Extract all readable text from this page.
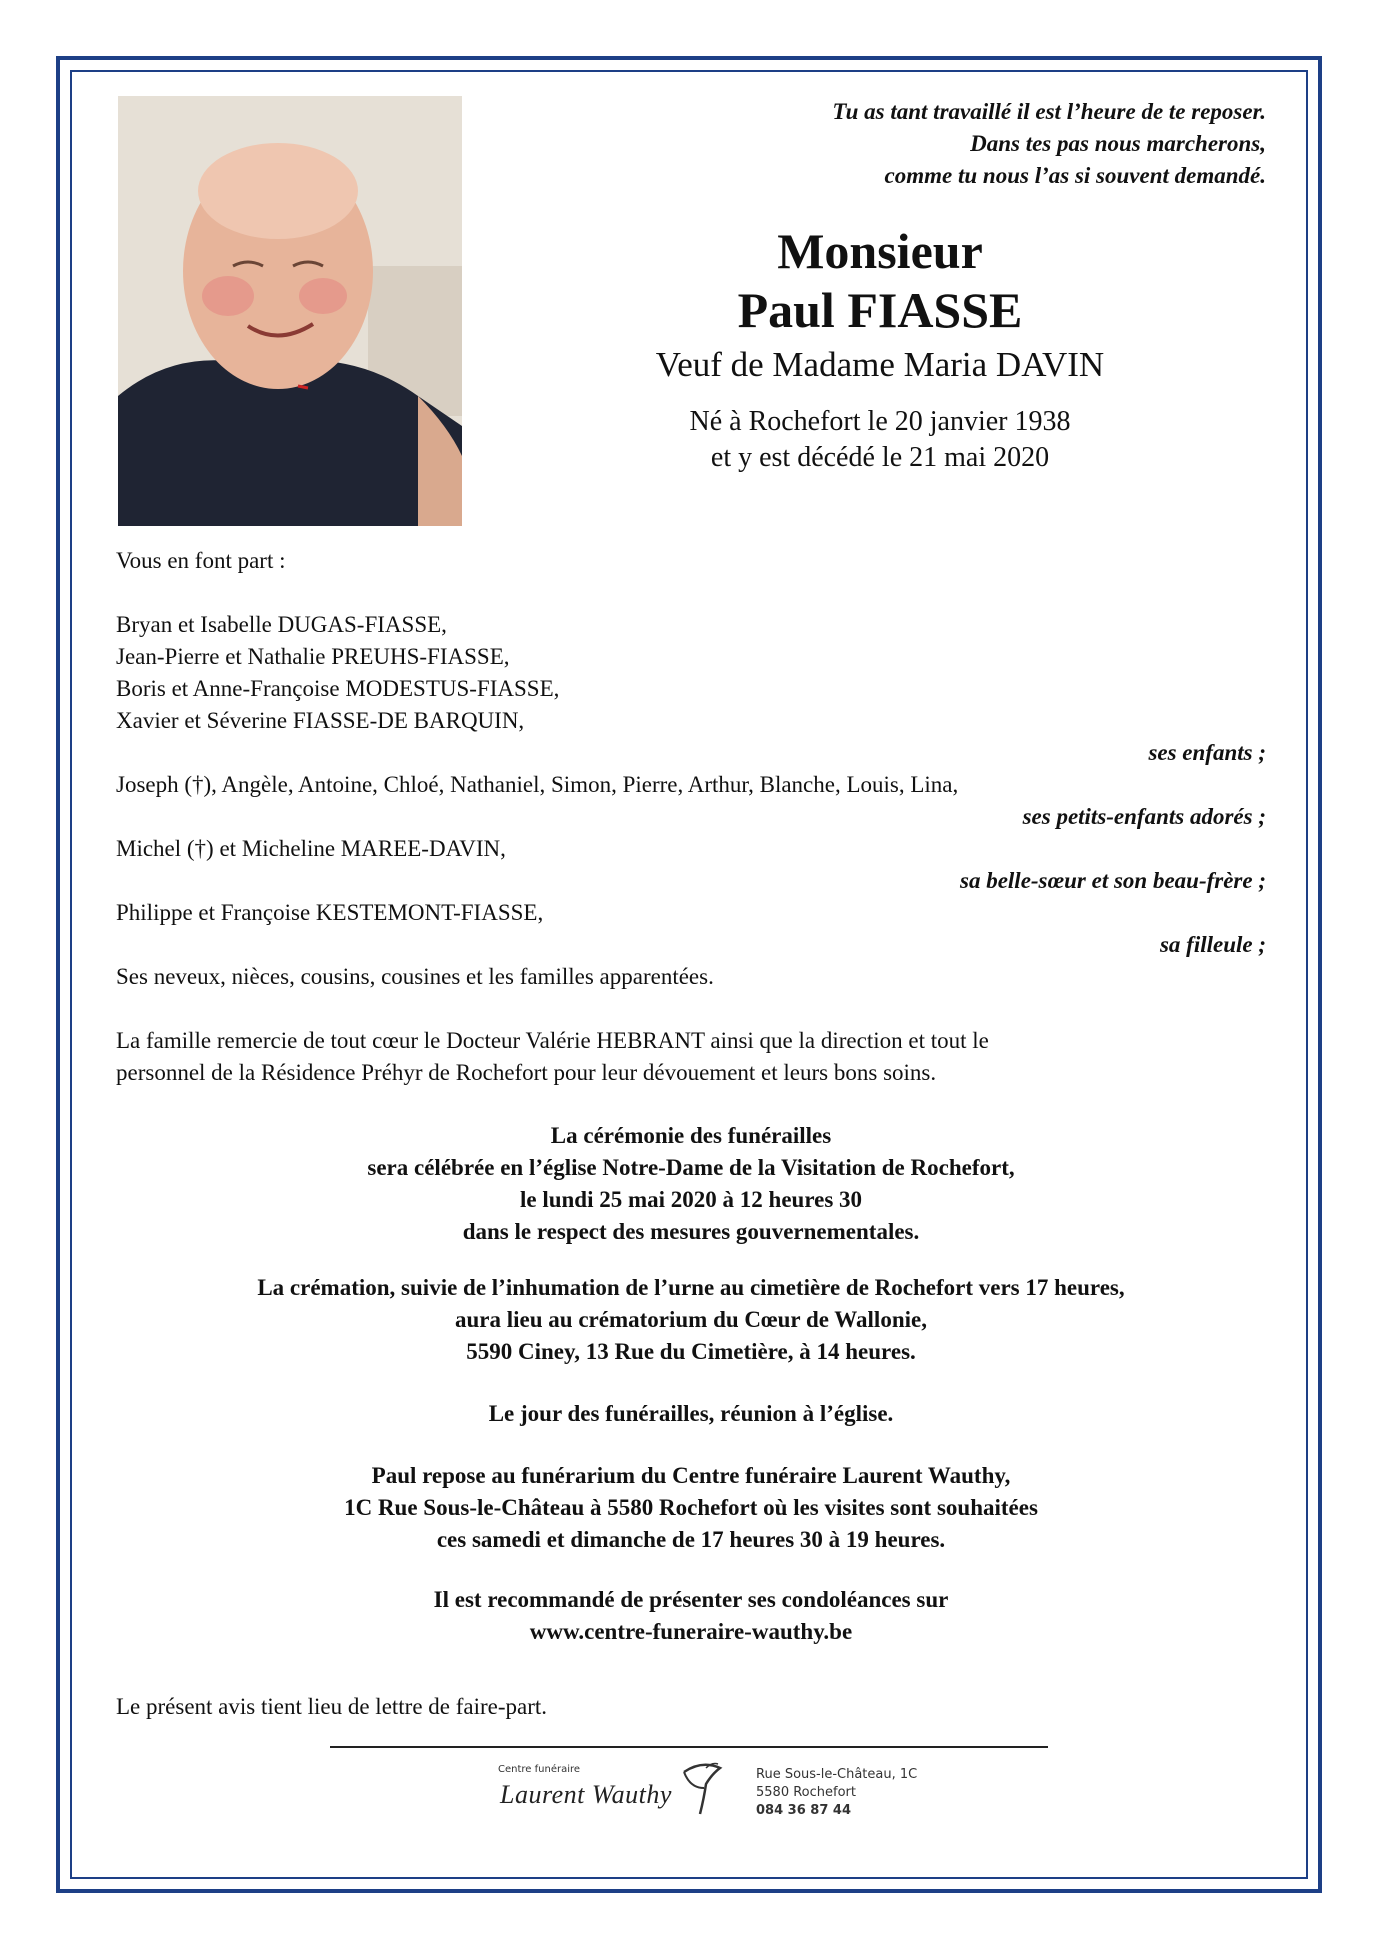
Tu as tant travaillé il est l’heure de te reposer.
Dans tes pas nous marcherons,
comme tu nous l’as si souvent demandé.
Monsieur
Paul FIASSE
Veuf de Madame Maria DAVIN
Né à Rochefort le 20 janvier 1938
et y est décédé le 21 mai 2020
Vous en font part :
Bryan et Isabelle DUGAS-FIASSE,
Jean-Pierre et Nathalie PREUHS-FIASSE,
Boris et Anne-Françoise MODESTUS-FIASSE,
Xavier et Séverine FIASSE-DE BARQUIN,
ses enfants ;
Joseph (†), Angèle, Antoine, Chloé, Nathaniel, Simon, Pierre, Arthur, Blanche, Louis, Lina,
ses petits-enfants adorés ;
Michel (†) et Micheline MAREE-DAVIN,
sa belle-sœur et son beau-frère ;
Philippe et Françoise KESTEMONT-FIASSE,
sa filleule ;
Ses neveux, nièces, cousins, cousines et les familles apparentées.
La famille remercie de tout cœur le Docteur Valérie HEBRANT ainsi que la direction et tout le
personnel de la Résidence Préhyr de Rochefort pour leur dévouement et leurs bons soins.
La cérémonie des funérailles
sera célébrée en l’église Notre-Dame de la Visitation de Rochefort,
le lundi 25 mai 2020 à 12 heures 30
dans le respect des mesures gouvernementales.
La crémation, suivie de l’inhumation de l’urne au cimetière de Rochefort vers 17 heures,
aura lieu au crématorium du Cœur de Wallonie,
5590 Ciney, 13 Rue du Cimetière, à 14 heures.
Le jour des funérailles, réunion à l’église.
Paul repose au funérarium du Centre funéraire Laurent Wauthy,
1C Rue Sous-le-Château à 5580 Rochefort où les visites sont souhaitées
ces samedi et dimanche de 17 heures 30 à 19 heures.
Il est recommandé de présenter ses condoléances sur
www.centre-funeraire-wauthy.be
Le présent avis tient lieu de lettre de faire-part.
Centre funéraire
Laurent Wauthy
Rue Sous-le-Château, 1C
5580 Rochefort
084 36 87 44
